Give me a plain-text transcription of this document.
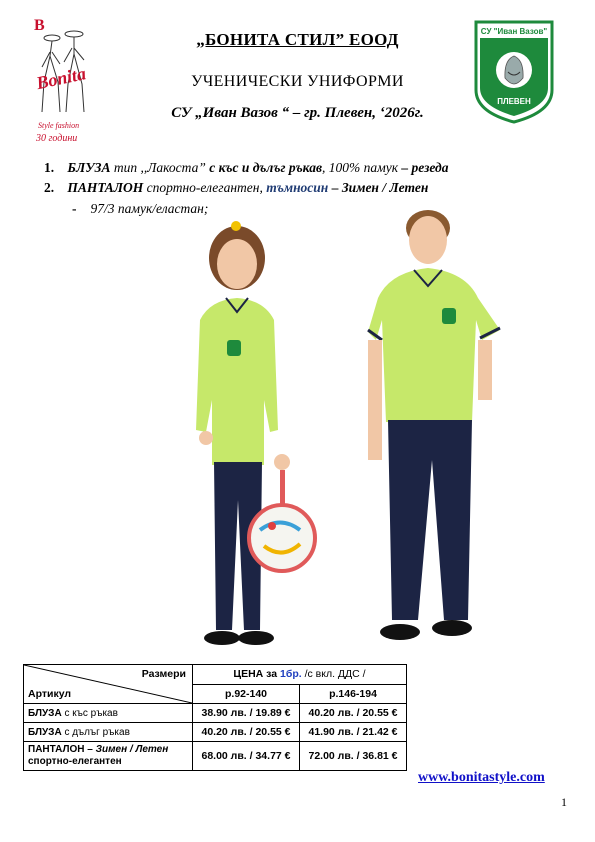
B
Bonita
Style fashion
30 години
СУ "Иван Вазов"
ПЛЕВЕН
„БОНИТА СТИЛ” ЕООД
УЧЕНИЧЕСКИ УНИФОРМИ
СУ „Иван Вазов “ – гр. Плевен, ‘2026г.
1. БЛУЗА тип ,,Лакоста” с къс и дълъг ръкав, 100% памук – резеда
2. ПАНТАЛОН спортно-елегантен, тъмносин – Зимен / Летен
- 97/3 памук/еластан;
Размери
Артикул	ЦЕНА за 1бр. /с вкл. ДДС /	
	р.92-140	р.146-194
БЛУЗА с къс ръкав	38.90 лв. / 19.89 €	40.20 лв. / 20.55 €
БЛУЗА с дълъг ръкав	40.20 лв. / 20.55 €	41.90 лв. / 21.42 €
ПАНТАЛОН – Зимен / Летен
спортно-елегантен	68.00 лв. / 34.77 €	72.00 лв. / 36.81 €
www.bonitastyle.com
1
